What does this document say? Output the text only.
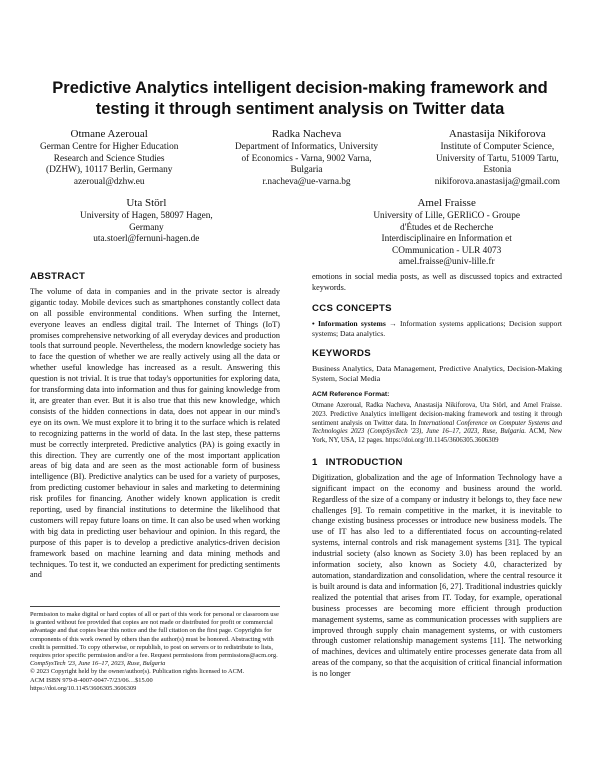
Predictive Analytics intelligent decision-making framework and testing it through sentiment analysis on Twitter data
Otmane Azeroual
German Centre for Higher Education
Research and Science Studies
(DZHW), 10117 Berlin, Germany
azeroual@dzhw.eu
Radka Nacheva
Department of Informatics, University
of Economics - Varna, 9002 Varna,
Bulgaria
r.nacheva@ue-varna.bg
Anastasija Nikiforova
Institute of Computer Science,
University of Tartu, 51009 Tartu,
Estonia
nikiforova.anastasija@gmail.com
Uta Störl
University of Hagen, 58097 Hagen,
Germany
uta.stoerl@fernuni-hagen.de
Amel Fraisse
University of Lille, GERIiCO - Groupe
d'Études et de Recherche
Interdisciplinaire en Information et
COmmunication - ULR 4073
amel.fraisse@univ-lille.fr
ABSTRACT

The volume of data in companies and in the private sector is already gigantic today. Mobile devices such as smartphones constantly collect data on all possible environmental conditions. When surfing the Internet, everyone leaves an endless digital trail. The Internet of Things (IoT) promises comprehensive networking of all everyday devices and production tools that surround people. Nevertheless, the modern knowledge society has to face the question of whether we are really actively using all the data or whether useful knowledge has increased as a result. Answering this question is not trivial. It is true that today's opportunities for exploring data, for transforming data into information and thus for gaining knowledge from it, are greater than ever. But it is also true that this new knowledge, which consists of the hidden connections in data, does not appear in our mind's eye on its own. We must explore it to bring it to the surface which is related to recognizing patterns in the world of data. In the last step, these patterns must be correctly interpreted. Predictive analytics (PA) is going exactly in this direction. They are currently one of the most important application areas of big data and are seen as the most actionable form of business intelligence (BI). Predictive analytics can be used for a variety of purposes, from predicting customer behaviour in sales and marketing to determining risk profiles for financing. Another widely known application is credit reporting, used by financial institutions to determine the likelihood that customers will repay future loans on time. It can also be used when working with big data in predicting user behaviour and opinion. In this regard, the purpose of this paper is to develop a predictive analytics-driven decision framework based on machine learning and data mining methods and techniques. To test it, we conducted an experiment for predicting sentiments and

Permission to make digital or hard copies of all or part of this work for personal or classroom use is granted without fee provided that copies are not made or distributed for profit or commercial advantage and that copies bear this notice and the full citation on the first page. Copyrights for components of this work owned by others than the author(s) must be honored. Abstracting with credit is permitted. To copy otherwise, or republish, to post on servers or to redistribute to lists, requires prior specific permission and/or a fee. Request permissions from permissions@acm.org.

CompSysTech '23, June 16–17, 2023, Ruse, Bulgaria

© 2023 Copyright held by the owner/author(s). Publication rights licensed to ACM.

ACM ISBN 979-8-4007-0047-7/23/06…$15.00

https://doi.org/10.1145/3606305.3606309

emotions in social media posts, as well as discussed topics and extracted keywords.

CCS CONCEPTS

• Information systems → Information systems applications; Decision support systems; Data analytics.

KEYWORDS

Business Analytics, Data Management, Predictive Analytics, Decision-Making System, Social Media

ACM Reference Format:

Otmane Azeroual, Radka Nacheva, Anastasija Nikiforova, Uta Störl, and Amel Fraisse. 2023. Predictive Analytics intelligent decision-making framework and testing it through sentiment analysis on Twitter data. In International Conference on Computer Systems and Technologies 2023 (CompSysTech '23), June 16–17, 2023, Ruse, Bulgaria. ACM, New York, NY, USA, 12 pages. https://doi.org/10.1145/3606305.3606309

1 INTRODUCTION

Digitization, globalization and the age of Information Technology have a significant impact on the economy and business around the world. Regardless of the size of a company or industry it belongs to, they face new challenges [9]. To remain competitive in the market, it is inevitable to change existing business processes or introduce new business models. The use of IT has also led to a differentiated focus on accounting-related systems, internal controls and risk management systems [31]. The typical industrial society (also known as Society 3.0) has been replaced by an information society, also known as Society 4.0, characterized by automation, standardization and consolidation, where the central resource it is built around is data and information [6, 27]. Traditional industries quickly realized the potential that arises from IT. Today, for example, operational business processes are becoming more efficient through production management systems, same as communication processes with suppliers are improved through supply chain management systems, or with customers through customer relationship management systems [11]. The networking of machines, devices and ultimately entire processes generate data from all areas of the company, so that the acquisition of critical financial information is no longer
